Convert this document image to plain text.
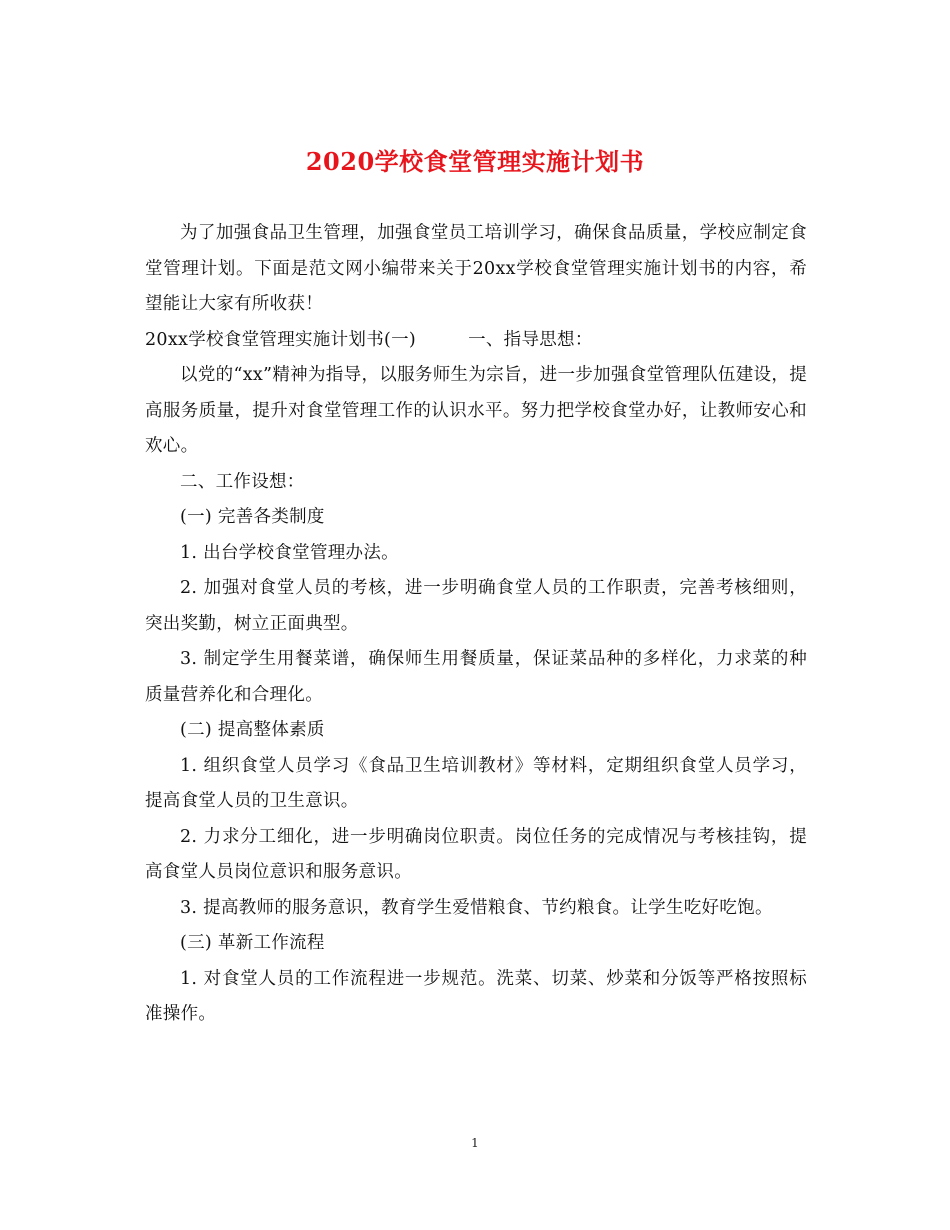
2020学校食堂管理实施计划书

为了加强食品卫生管理，加强食堂员工培训学习，确保食品质量，学校应制定食堂管理计划。下面是范文网小编带来关于20xx学校食堂管理实施计划书的内容，希望能让大家有所收获！

20xx学校食堂管理实施计划书(一)	一、指导思想：

以党的“xx”精神为指导，以服务师生为宗旨，进一步加强食堂管理队伍建设，提高服务质量，提升对食堂管理工作的认识水平。努力把学校食堂办好，让教师安心和欢心。

二、工作设想：

(一) 完善各类制度

1. 出台学校食堂管理办法。

2. 加强对食堂人员的考核，进一步明确食堂人员的工作职责，完善考核细则，突出奖勤，树立正面典型。

3. 制定学生用餐菜谱，确保师生用餐质量，保证菜品种的多样化，力求菜的种质量营养化和合理化。

(二) 提高整体素质

1. 组织食堂人员学习《食品卫生培训教材》等材料，定期组织食堂人员学习，提高食堂人员的卫生意识。

2. 力求分工细化，进一步明确岗位职责。岗位任务的完成情况与考核挂钩，提高食堂人员岗位意识和服务意识。

3. 提高教师的服务意识，教育学生爱惜粮食、节约粮食。让学生吃好吃饱。

(三) 革新工作流程

1. 对食堂人员的工作流程进一步规范。洗菜、切菜、炒菜和分饭等严格按照标准操作。

1
